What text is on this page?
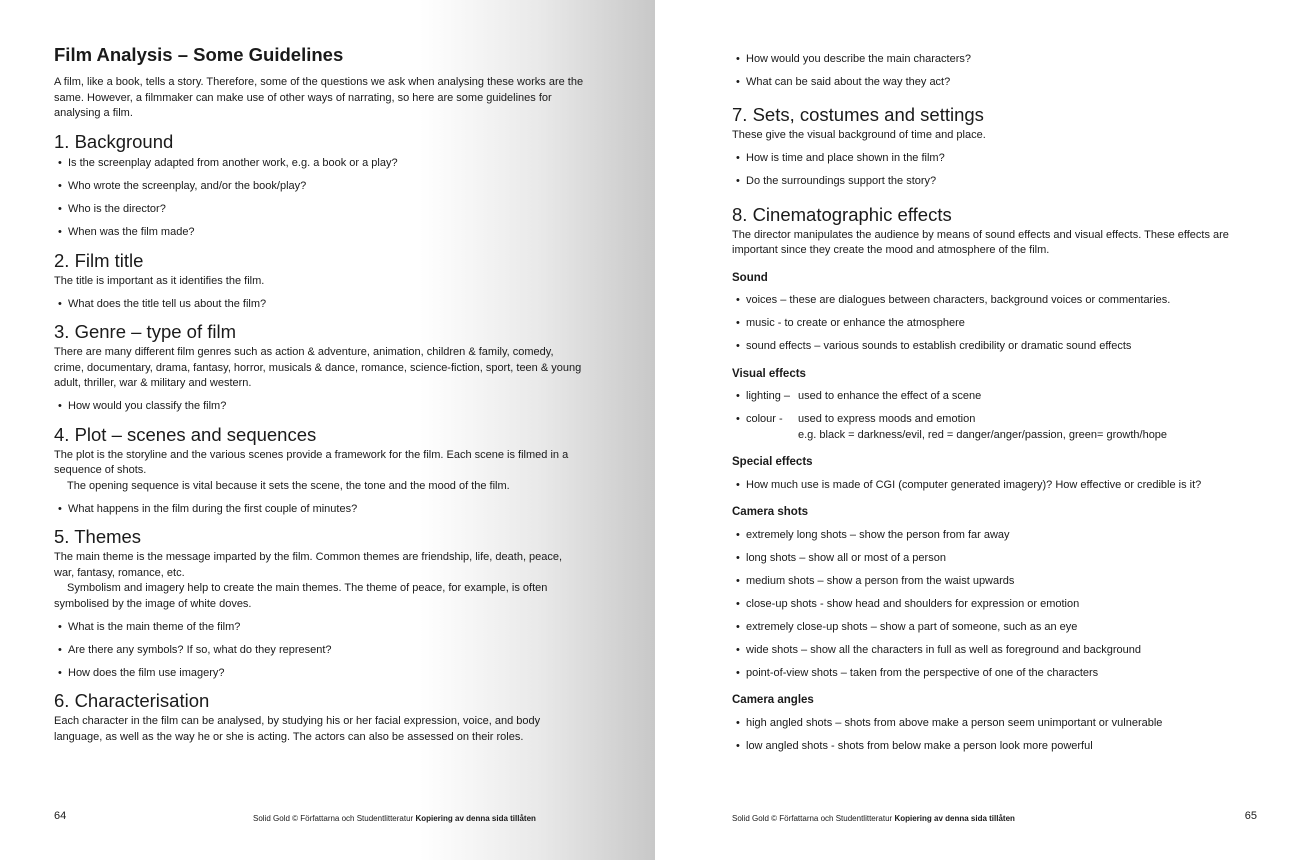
Film Analysis – Some Guidelines

A film, like a book, tells a story. Therefore, some of the questions we ask when analysing these works are the same. However, a filmmaker can make use of other ways of narrating, so here are some guidelines for analysing a film.

1. Background
• Is the screenplay adapted from another work, e.g. a book or a play?
• Who wrote the screenplay, and/or the book/play?
• Who is the director?
• When was the film made?
2. Film title

The title is important as it identifies the film.

• What does the title tell us about the film?
3. Genre – type of film

There are many different film genres such as action & adventure, animation, children & family, comedy, crime, documentary, drama, fantasy, horror, musicals & dance, romance, science-fiction, sport, teen & young adult, thriller, war & military and western.

• How would you classify the film?
4. Plot – scenes and sequences

The plot is the storyline and the various scenes provide a framework for the film. Each scene is filmed in a sequence of shots.

The opening sequence is vital because it sets the scene, the tone and the mood of the film.

• What happens in the film during the first couple of minutes?
5. Themes

The main theme is the message imparted by the film. Common themes are friendship, life, death, peace, war, fantasy, romance, etc.

Symbolism and imagery help to create the main themes. The theme of peace, for example, is often symbolised by the image of white doves.

• What is the main theme of the film?
• Are there any symbols? If so, what do they represent?
• How does the film use imagery?
6. Characterisation

Each character in the film can be analysed, by studying his or her facial expression, voice, and body language, as well as the way he or she is acting. The actors can also be assessed on their roles.

64	Solid Gold © Författarna och Studentlitteratur Kopiering av denna sida tillåten
• How would you describe the main characters?
• What can be said about the way they act?
7. Sets, costumes and settings

These give the visual background of time and place.

• How is time and place shown in the film?
• Do the surroundings support the story?
8. Cinematographic effects

The director manipulates the audience by means of sound effects and visual effects. These effects are important since they create the mood and atmosphere of the film.

Sound
• voices – these are dialogues between characters, background voices or commentaries.
• music - to create or enhance the atmosphere
• sound effects – various sounds to establish credibility or dramatic sound effects
Visual effects
• lighting – used to enhance the effect of a scene
• colour -	used to express moods and emotion
e.g. black = darkness/evil, red = danger/anger/passion, green= growth/hope
Special effects
• How much use is made of CGI (computer generated imagery)? How effective or credible is it?
Camera shots
• extremely long shots – show the person from far away
• long shots – show all or most of a person
• medium shots – show a person from the waist upwards
• close-up shots - show head and shoulders for expression or emotion
• extremely close-up shots – show a part of someone, such as an eye
• wide shots – show all the characters in full as well as foreground and background
• point-of-view shots – taken from the perspective of one of the characters
Camera angles
• high angled shots – shots from above make a person seem unimportant or vulnerable
• low angled shots - shots from below make a person look more powerful
Solid Gold © Författarna och Studentlitteratur Kopiering av denna sida tillåten	65
